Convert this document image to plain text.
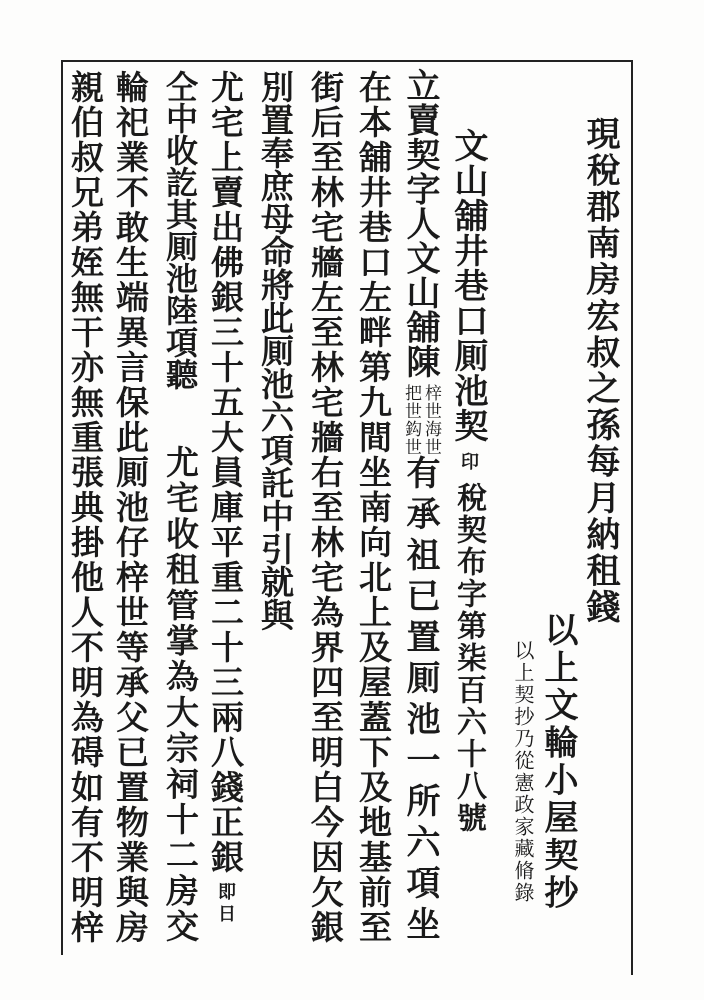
現稅郡南房宏叔之孫每月納租錢
以上文輪小屋契抄
以上契抄乃從憲政家藏脩錄
文山舖井巷口厠池契
印
稅契布字第柒百六十八號
立賣契字人文山舖陳
梓世海世
把世鈎世
有承祖已置厠池一所六項坐
在本舖井巷口左畔第九間坐南向北上及屋蓋下及地基前至
街后至林宅牆左至林宅牆右至林宅為界四至明白今因欠銀
別置奉庶母命將此厠池六項託中引就與
尤宅上賣出佛銀三十五大員庫平重二十三兩八錢正銀
即日
仝中收訖其厠池陸項聽
尤宅收租管掌為大宗祠十二房交
輪祀業不敢生端異言保此厠池仔梓世等承父已置物業與房
親伯叔兄弟姪無干亦無重張典掛他人不明為碍如有不明梓
